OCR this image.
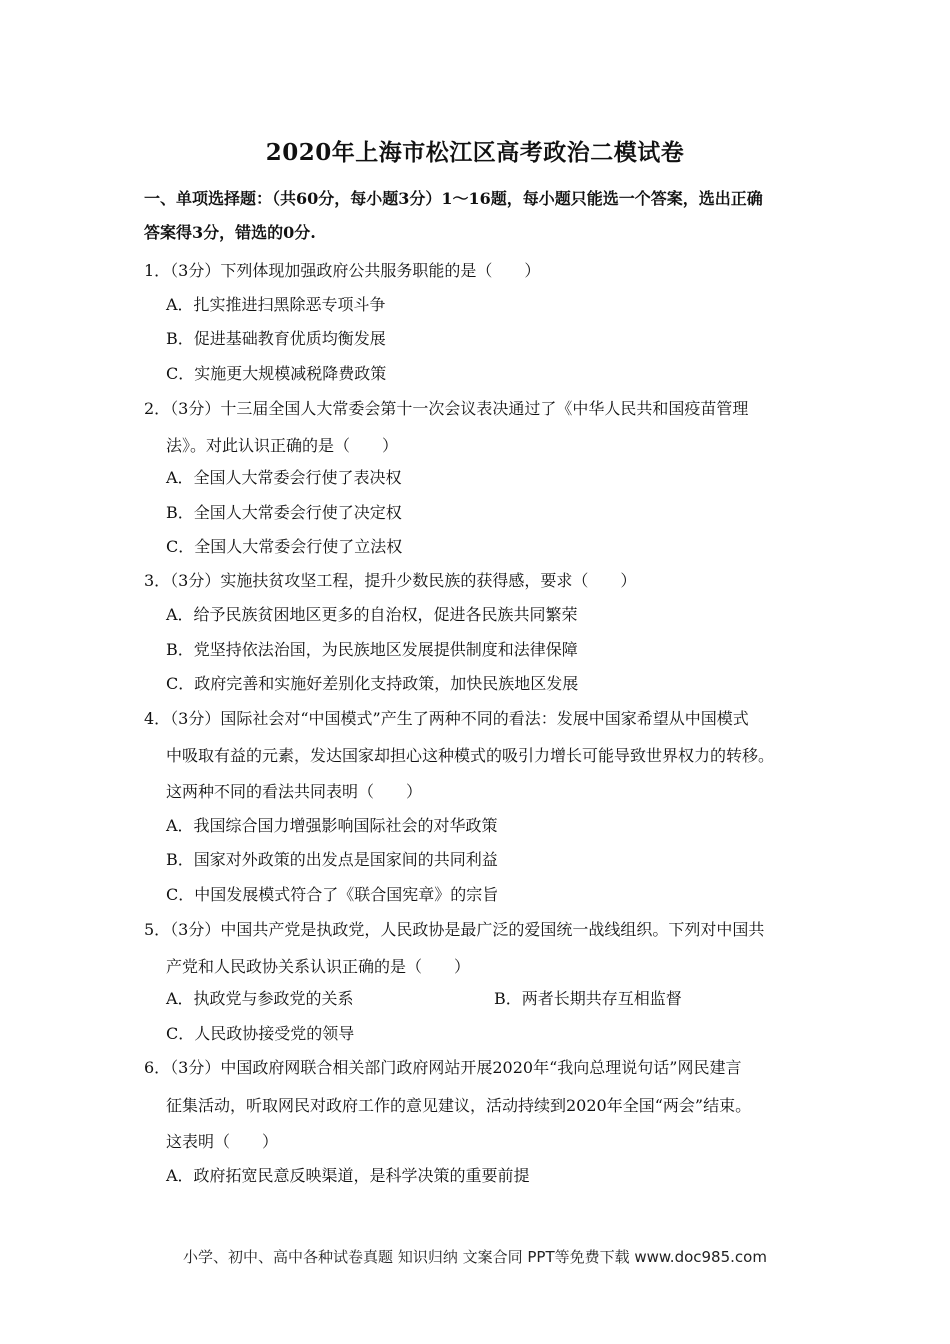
2020年上海市松江区高考政治二模试卷
一、单项选择题：（共60分，每小题3分）1～16题，每小题只能选一个答案，选出正确
答案得3分，错选的0分.
1．（3分）下列体现加强政府公共服务职能的是（　　）
A．扎实推进扫黑除恶专项斗争
B．促进基础教育优质均衡发展
C．实施更大规模减税降费政策
2．（3分）十三届全国人大常委会第十一次会议表决通过了《中华人民共和国疫苗管理
法》。对此认识正确的是（　　）
A．全国人大常委会行使了表决权
B．全国人大常委会行使了决定权
C．全国人大常委会行使了立法权
3．（3分）实施扶贫攻坚工程，提升少数民族的获得感，要求（　　）
A．给予民族贫困地区更多的自治权，促进各民族共同繁荣
B．党坚持依法治国，为民族地区发展提供制度和法律保障
C．政府完善和实施好差别化支持政策，加快民族地区发展
4．（3分）国际社会对“中国模式”产生了两种不同的看法：发展中国家希望从中国模式
中吸取有益的元素，发达国家却担心这种模式的吸引力增长可能导致世界权力的转移。
这两种不同的看法共同表明（　　）
A．我国综合国力增强影响国际社会的对华政策
B．国家对外政策的出发点是国家间的共同利益
C．中国发展模式符合了《联合国宪章》的宗旨
5．（3分）中国共产党是执政党，人民政协是最广泛的爱国统一战线组织。下列对中国共
产党和人民政协关系认识正确的是（　　）
A．执政党与参政党的关系	B．两者长期共存互相监督
C．人民政协接受党的领导
6．（3分）中国政府网联合相关部门政府网站开展2020年“我向总理说句话”网民建言
征集活动，听取网民对政府工作的意见建议，活动持续到2020年全国“两会”结束。
这表明（　　）
A．政府拓宽民意反映渠道，是科学决策的重要前提
小学、初中、高中各种试卷真题 知识归纳 文案合同 PPT等免费下载 www.doc985.com
